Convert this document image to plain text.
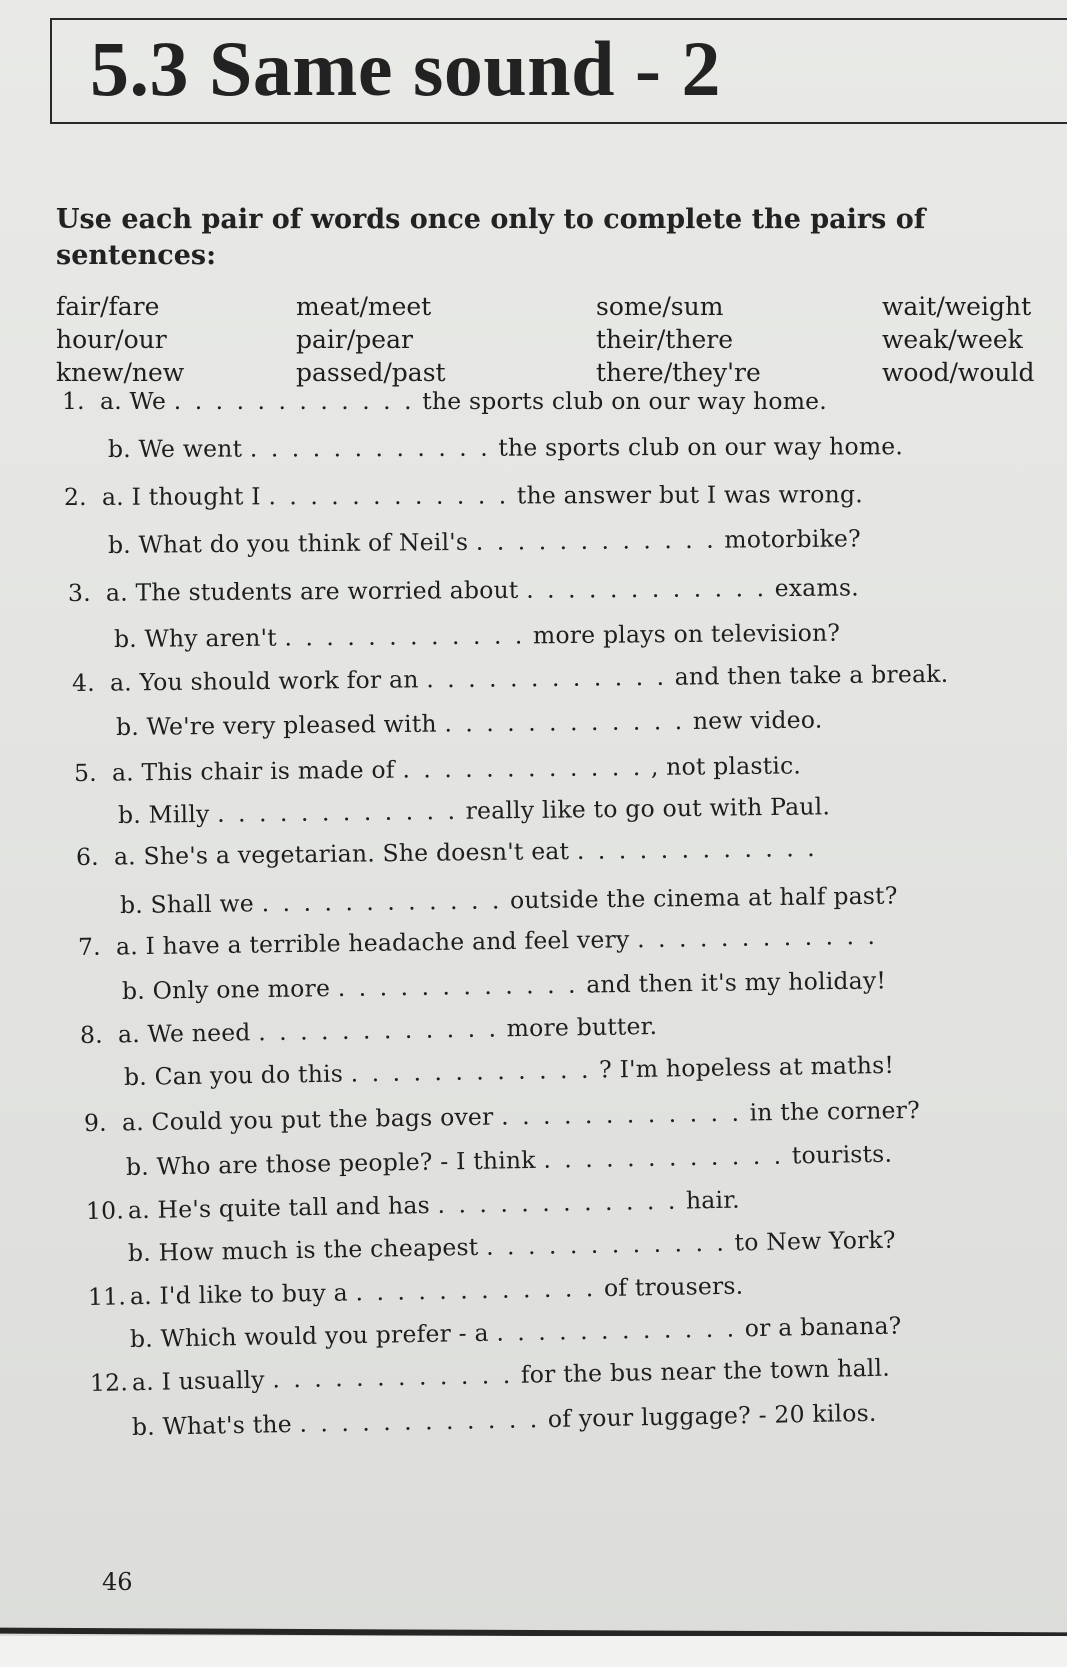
5.3 Same sound - 2

Use each pair of words once only to complete the pairs of sentences:

fair/fare
hour/our
knew/new
meat/meet
pair/pear
passed/past
some/sum
their/there
there/they're
wait/weight
weak/week
wood/would

1. a. We . . . . . . . . . . . . the sports club on our way home.

b. We went . . . . . . . . . . . . the sports club on our way home.

2. a. I thought I . . . . . . . . . . . . the answer but I was wrong.

b. What do you think of Neil's . . . . . . . . . . . . motorbike?

3. a. The students are worried about . . . . . . . . . . . . exams.

b. Why aren't . . . . . . . . . . . . more plays on television?

4. a. You should work for an . . . . . . . . . . . . and then take a break.

b. We're very pleased with . . . . . . . . . . . . new video.

5. a. This chair is made of . . . . . . . . . . . . , not plastic.

b. Milly . . . . . . . . . . . . really like to go out with Paul.

6. a. She's a vegetarian. She doesn't eat . . . . . . . . . . . .

b. Shall we . . . . . . . . . . . . outside the cinema at half past?

7. a. I have a terrible headache and feel very . . . . . . . . . . . .

b. Only one more . . . . . . . . . . . . and then it's my holiday!

8. a. We need . . . . . . . . . . . . more butter.

b. Can you do this . . . . . . . . . . . . ? I'm hopeless at maths!

9. a. Could you put the bags over . . . . . . . . . . . . in the corner?

b. Who are those people? - I think . . . . . . . . . . . . tourists.

10. a. He's quite tall and has . . . . . . . . . . . . hair.

b. How much is the cheapest . . . . . . . . . . . . to New York?

11. a. I'd like to buy a . . . . . . . . . . . . of trousers.

b. Which would you prefer - a . . . . . . . . . . . . or a banana?

12. a. I usually . . . . . . . . . . . . for the bus near the town hall.

b. What's the . . . . . . . . . . . . of your luggage? - 20 kilos.

46
